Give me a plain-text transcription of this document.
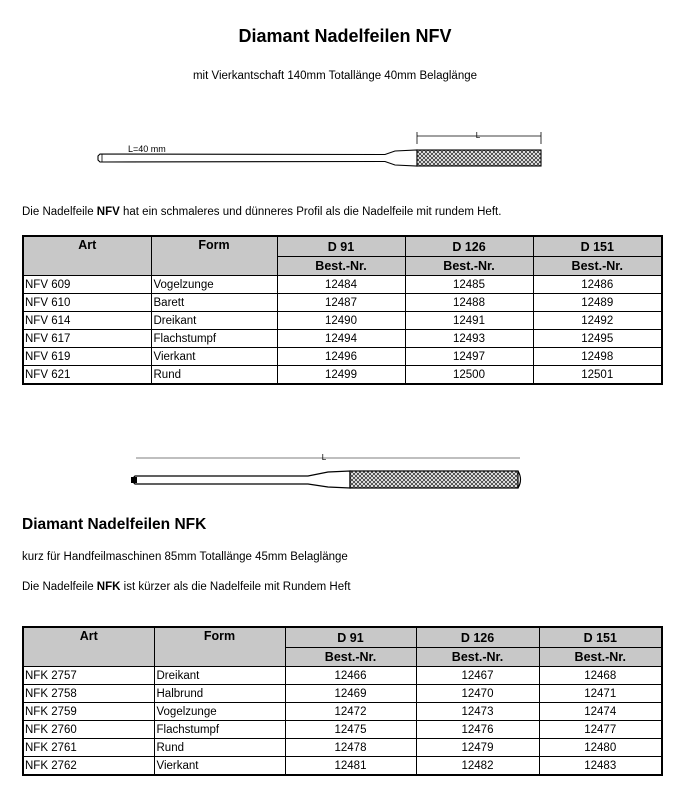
Diamant Nadelfeilen NFV
mit Vierkantschaft 140mm Totallänge 40mm Belaglänge
L
L=40 mm
Die Nadelfeile NFV hat ein schmaleres und dünneres Profil als die Nadelfeile mit rundem Heft.
Art	Form	D 91	D 126	D 151
		Best.-Nr.	Best.-Nr.	Best.-Nr.
NFV 609	Vogelzunge	12484	12485	12486
NFV 610	Barett	12487	12488	12489
NFV 614	Dreikant	12490	12491	12492
NFV 617	Flachstumpf	12494	12493	12495
NFV 619	Vierkant	12496	12497	12498
NFV 621	Rund	12499	12500	12501
L
Diamant Nadelfeilen NFK
kurz für Handfeilmaschinen 85mm Totallänge 45mm Belaglänge
Die Nadelfeile NFK ist kürzer als die Nadelfeile mit Rundem Heft
Art	Form	D 91	D 126	D 151
		Best.-Nr.	Best.-Nr.	Best.-Nr.
NFK 2757	Dreikant	12466	12467	12468
NFK 2758	Halbrund	12469	12470	12471
NFK 2759	Vogelzunge	12472	12473	12474
NFK 2760	Flachstumpf	12475	12476	12477
NFK 2761	Rund	12478	12479	12480
NFK 2762	Vierkant	12481	12482	12483
